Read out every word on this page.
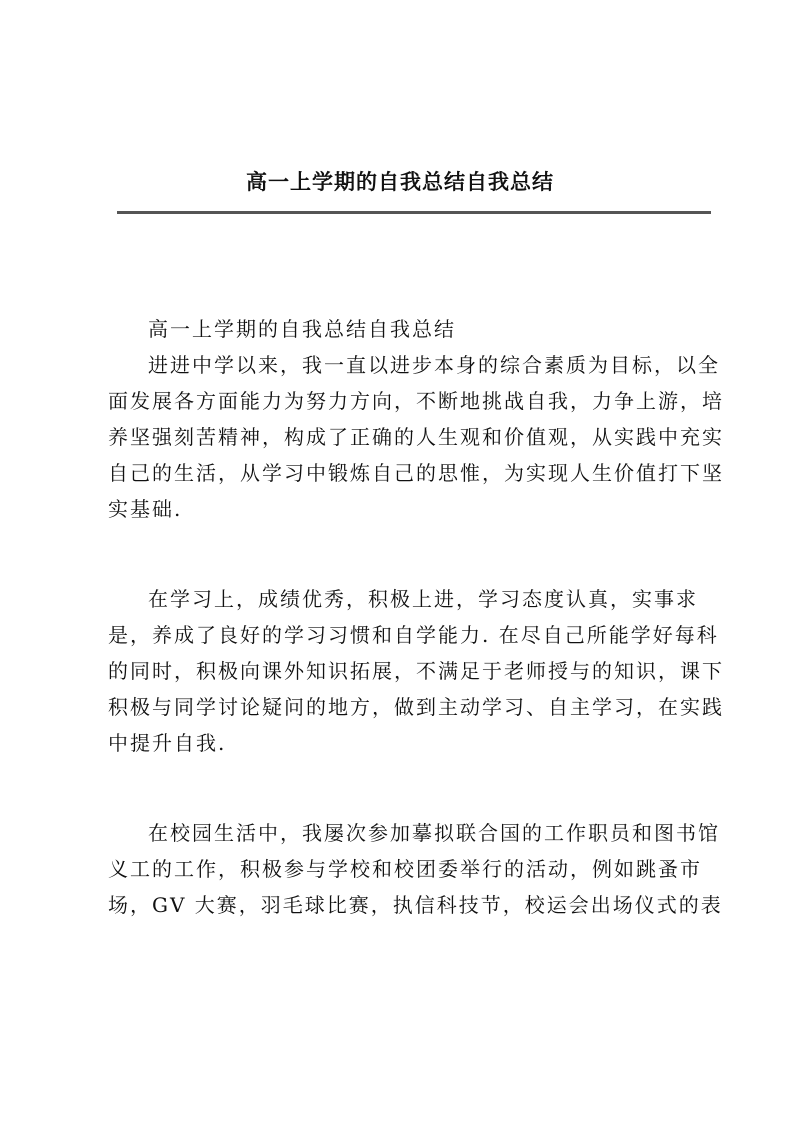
高一上学期的自我总结自我总结

高一上学期的自我总结自我总结

进进中学以来，我一直以进步本身的综合素质为目标，以全
面发展各方面能力为努力方向，不断地挑战自我，力争上游，培
养坚强刻苦精神，构成了正确的人生观和价值观，从实践中充实
自己的生活，从学习中锻炼自己的思惟，为实现人生价值打下坚
实基础.
在学习上，成绩优秀，积极上进，学习态度认真，实事求
是，养成了良好的学习习惯和自学能力. 在尽自己所能学好每科
的同时，积极向课外知识拓展，不满足于老师授与的知识，课下
积极与同学讨论疑问的地方，做到主动学习、自主学习，在实践
中提升自我.
在校园生活中，我屡次参加摹拟联合国的工作职员和图书馆
义工的工作，积极参与学校和校团委举行的活动，例如跳蚤市
场，GV 大赛，羽毛球比赛，执信科技节，校运会出场仪式的表
